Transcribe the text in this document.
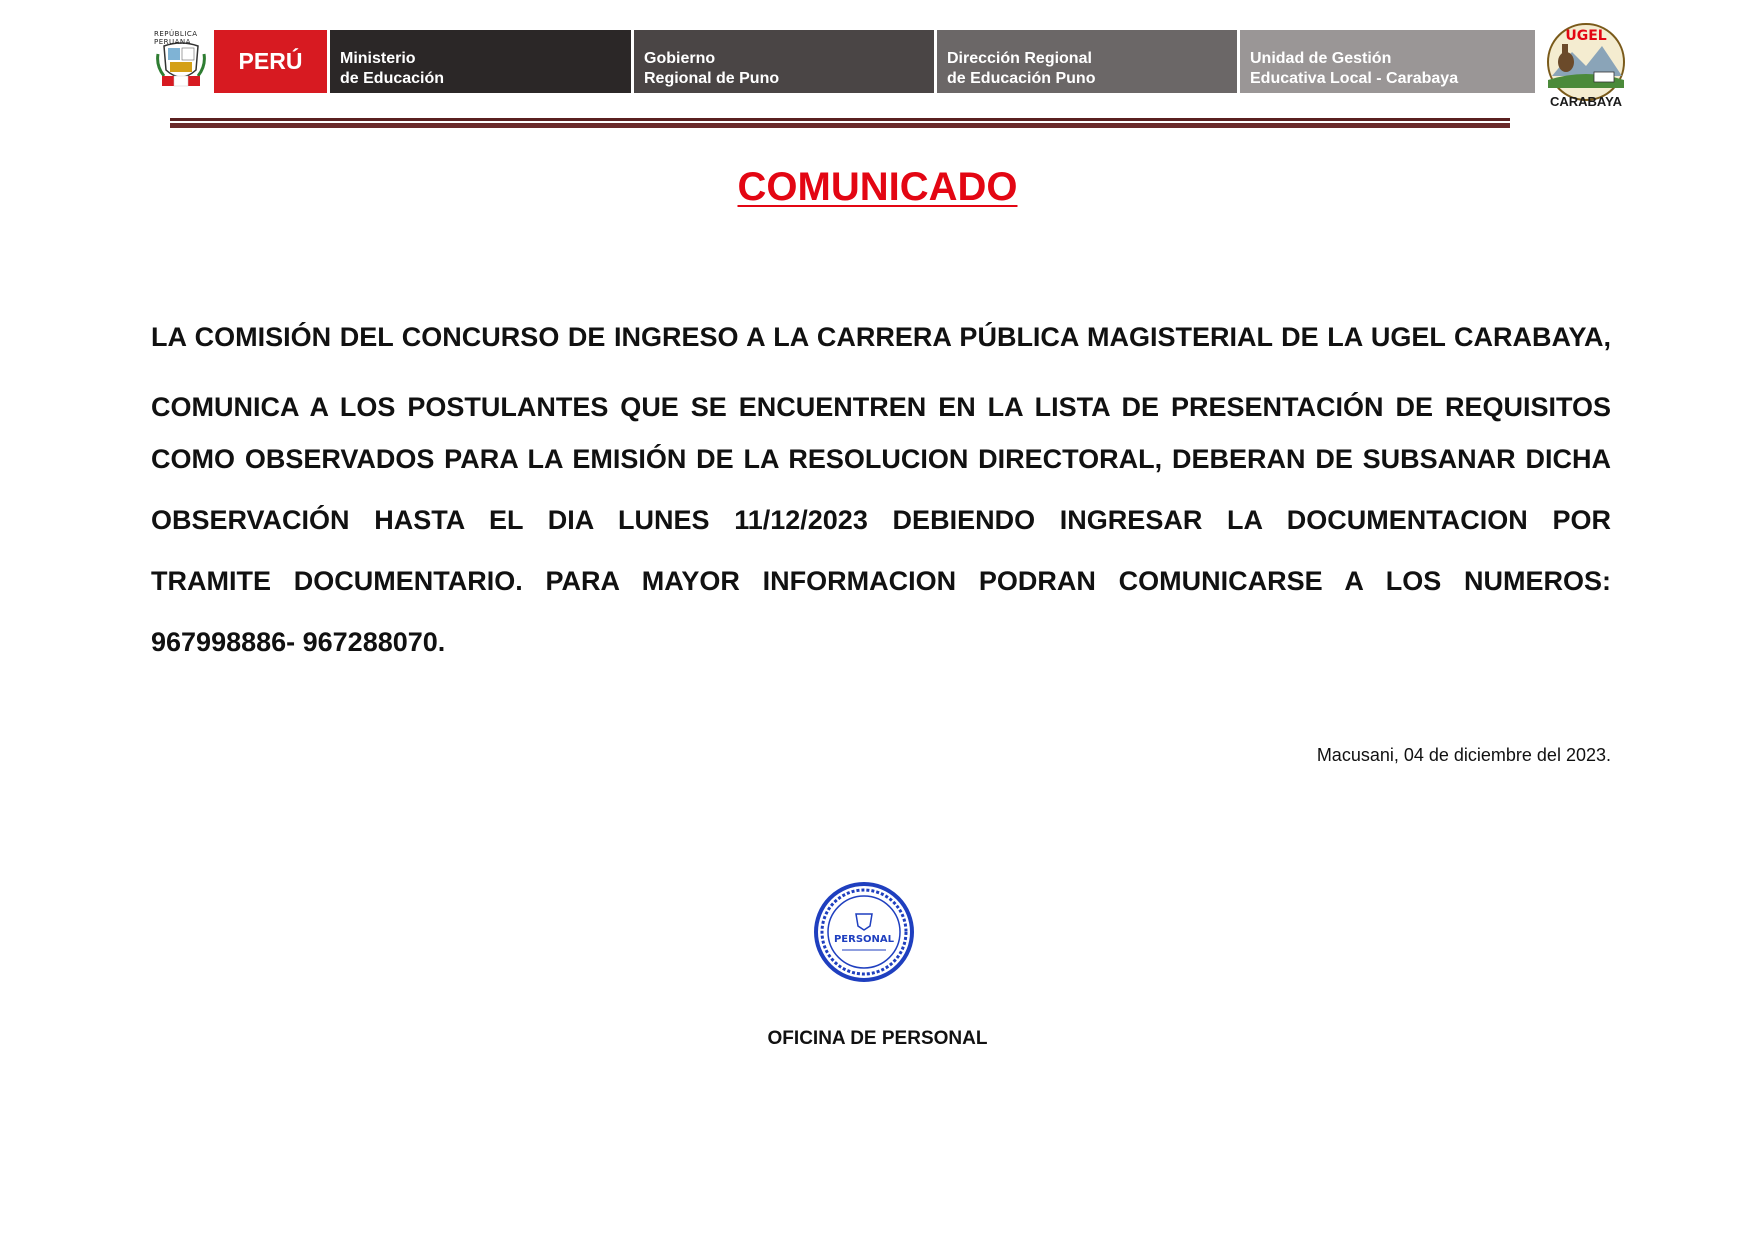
REPÚBLICA PERUANA
PERÚ	Ministerio
de Educación
Gobierno
Regional de Puno
Dirección Regional
de Educación Puno
Unidad de Gestión
Educativa Local - Carabaya
UGEL
CARABAYA
COMUNICADO
LA COMISIÓN DEL CONCURSO DE INGRESO A LA CARRERA PÚBLICA MAGISTERIAL DE LA UGEL CARABAYA,
COMUNICA A LOS POSTULANTES QUE SE ENCUENTREN EN LA LISTA DE PRESENTACIÓN DE REQUISITOS
COMO OBSERVADOS PARA LA EMISIÓN DE LA RESOLUCION DIRECTORAL, DEBERAN DE SUBSANAR DICHA
OBSERVACIÓN HASTA EL DIA LUNES 11/12/2023 DEBIENDO INGRESAR LA DOCUMENTACION POR
TRAMITE DOCUMENTARIO. PARA MAYOR INFORMACION PODRAN COMUNICARSE A LOS NUMEROS:
967998886- 967288070.
Macusani, 04 de diciembre del 2023.
PERSONAL
OFICINA DE PERSONAL
